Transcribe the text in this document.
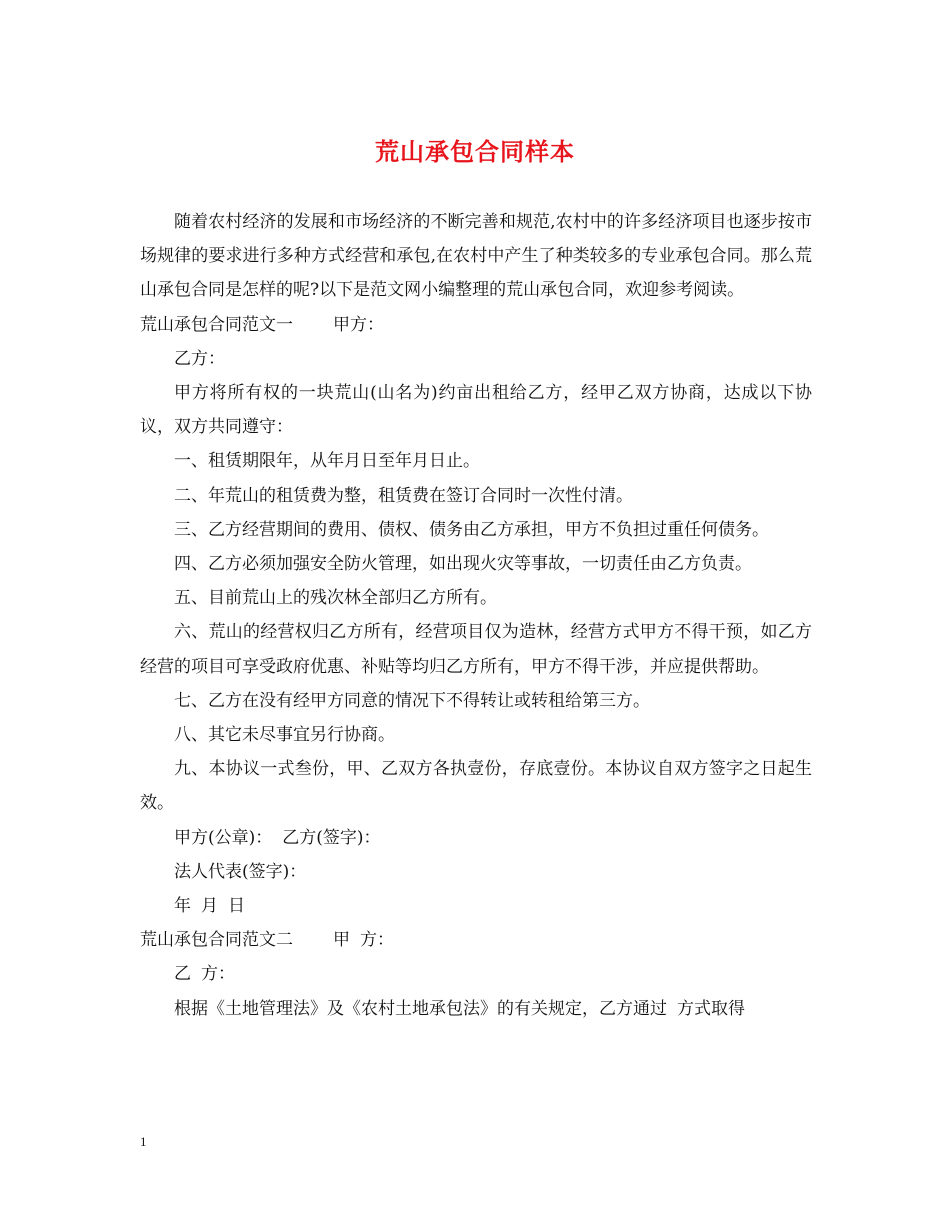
荒山承包合同样本

随着农村经济的发展和市场经济的不断完善和规范,农村中的许多经济项目也逐步按市场规律的要求进行多种方式经营和承包,在农村中产生了种类较多的专业承包合同。那么荒山承包合同是怎样的呢?以下是范文网小编整理的荒山承包合同，欢迎参考阅读。

荒山承包合同范文一 甲方：

乙方：

甲方将所有权的一块荒山(山名为)约亩出租给乙方，经甲乙双方协商，达成以下协议，双方共同遵守：

一、租赁期限年，从年月日至年月日止。

二、年荒山的租赁费为整，租赁费在签订合同时一次性付清。

三、乙方经营期间的费用、债权、债务由乙方承担，甲方不负担过重任何债务。

四、乙方必须加强安全防火管理，如出现火灾等事故，一切责任由乙方负责。

五、目前荒山上的残次林全部归乙方所有。

六、荒山的经营权归乙方所有，经营项目仅为造林，经营方式甲方不得干预，如乙方经营的项目可享受政府优惠、补贴等均归乙方所有，甲方不得干涉，并应提供帮助。

七、乙方在没有经甲方同意的情况下不得转让或转租给第三方。

八、其它未尽事宜另行协商。

九、本协议一式叁份，甲、乙双方各执壹份，存底壹份。本协议自双方签字之日起生效。

甲方(公章)： 乙方(签字)：

法人代表(签字)：

年 月 日

荒山承包合同范文二 甲 方：

乙 方：

根据《土地管理法》及《农村土地承包法》的有关规定，乙方通过 方式取得

1
